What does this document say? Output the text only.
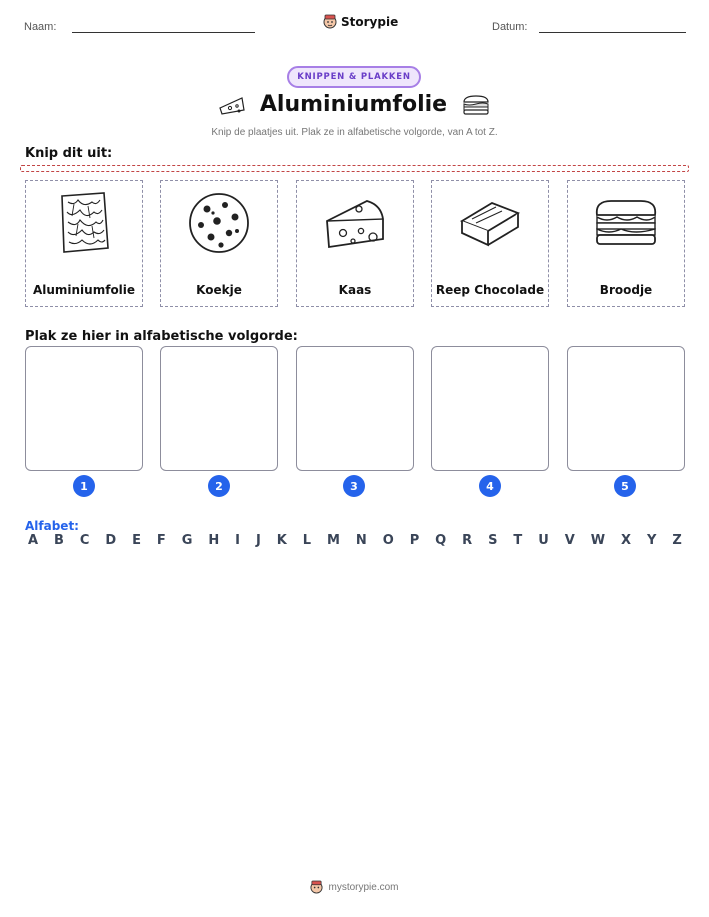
Naam:	Storypie	Datum:
KNIPPEN & PLAKKEN
Aluminiumfolie
Knip de plaatjes uit. Plak ze in alfabetische volgorde, van A tot Z.
Knip dit uit:
Aluminiumfolie	Koekje	Kaas	Reep Chocolade	Broodje
Plak ze hier in alfabetische volgorde:
1	2	3	4	5
Alfabet:
A B C D E F G H I J K L M N O P Q R S T U V W X Y Z
mystorypie.com
